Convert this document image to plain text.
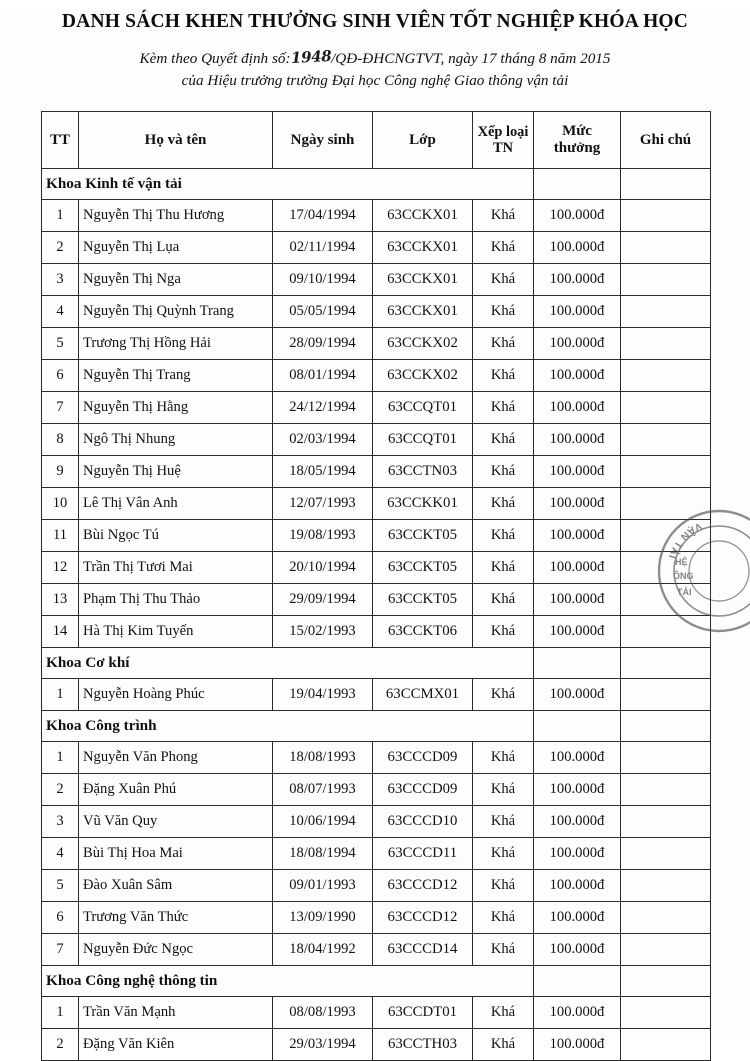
DANH SÁCH KHEN THƯỞNG SINH VIÊN TỐT NGHIỆP KHÓA HỌC
Kèm theo Quyết định số:1948/QĐ-ĐHCNGTVT, ngày 17 tháng 8 năm 2015
của Hiệu trưởng trường Đại học Công nghệ Giao thông vận tải
TT	Họ và tên	Ngày sinh	Lớp	Xếp loại TN	Mức thưởng	Ghi chú
Khoa Kinh tế vận tải						
1	Nguyễn Thị Thu Hương	17/04/1994	63CCKX01	Khá	100.000đ	
2	Nguyễn Thị Lụa	02/11/1994	63CCKX01	Khá	100.000đ	
3	Nguyễn Thị Nga	09/10/1994	63CCKX01	Khá	100.000đ	
4	Nguyễn Thị Quỳnh Trang	05/05/1994	63CCKX01	Khá	100.000đ	
5	Trương Thị Hồng Hải	28/09/1994	63CCKX02	Khá	100.000đ	
6	Nguyễn Thị Trang	08/01/1994	63CCKX02	Khá	100.000đ	
7	Nguyễn Thị Hằng	24/12/1994	63CCQT01	Khá	100.000đ	
8	Ngô Thị Nhung	02/03/1994	63CCQT01	Khá	100.000đ	
9	Nguyễn Thị Huệ	18/05/1994	63CCTN03	Khá	100.000đ	
10	Lê Thị Vân Anh	12/07/1993	63CCKK01	Khá	100.000đ	
11	Bùi Ngọc Tú	19/08/1993	63CCKT05	Khá	100.000đ	
12	Trần Thị Tươi Mai	20/10/1994	63CCKT05	Khá	100.000đ	
13	Phạm Thị Thu Thảo	29/09/1994	63CCKT05	Khá	100.000đ	
14	Hà Thị Kim Tuyến	15/02/1993	63CCKT06	Khá	100.000đ	
Khoa Cơ khí						
1	Nguyễn Hoàng Phúc	19/04/1993	63CCMX01	Khá	100.000đ	
Khoa Công trình						
1	Nguyễn Văn Phong	18/08/1993	63CCCD09	Khá	100.000đ	
2	Đặng Xuân Phú	08/07/1993	63CCCD09	Khá	100.000đ	
3	Vũ Văn Quy	10/06/1994	63CCCD10	Khá	100.000đ	
4	Bùi Thị Hoa Mai	18/08/1994	63CCCD11	Khá	100.000đ	
5	Đào Xuân Sâm	09/01/1993	63CCCD12	Khá	100.000đ	
6	Trương Văn Thức	13/09/1990	63CCCD12	Khá	100.000đ	
7	Nguyễn Đức Ngọc	18/04/1992	63CCCD14	Khá	100.000đ	
Khoa Công nghệ thông tin						
1	Trần Văn Mạnh	08/08/1993	63CCDT01	Khá	100.000đ	
2	Đặng Văn Kiên	29/03/1994	63CCTH03	Khá	100.000đ	
VẬN TẢI
HỆ
ÔNG
TẢI
